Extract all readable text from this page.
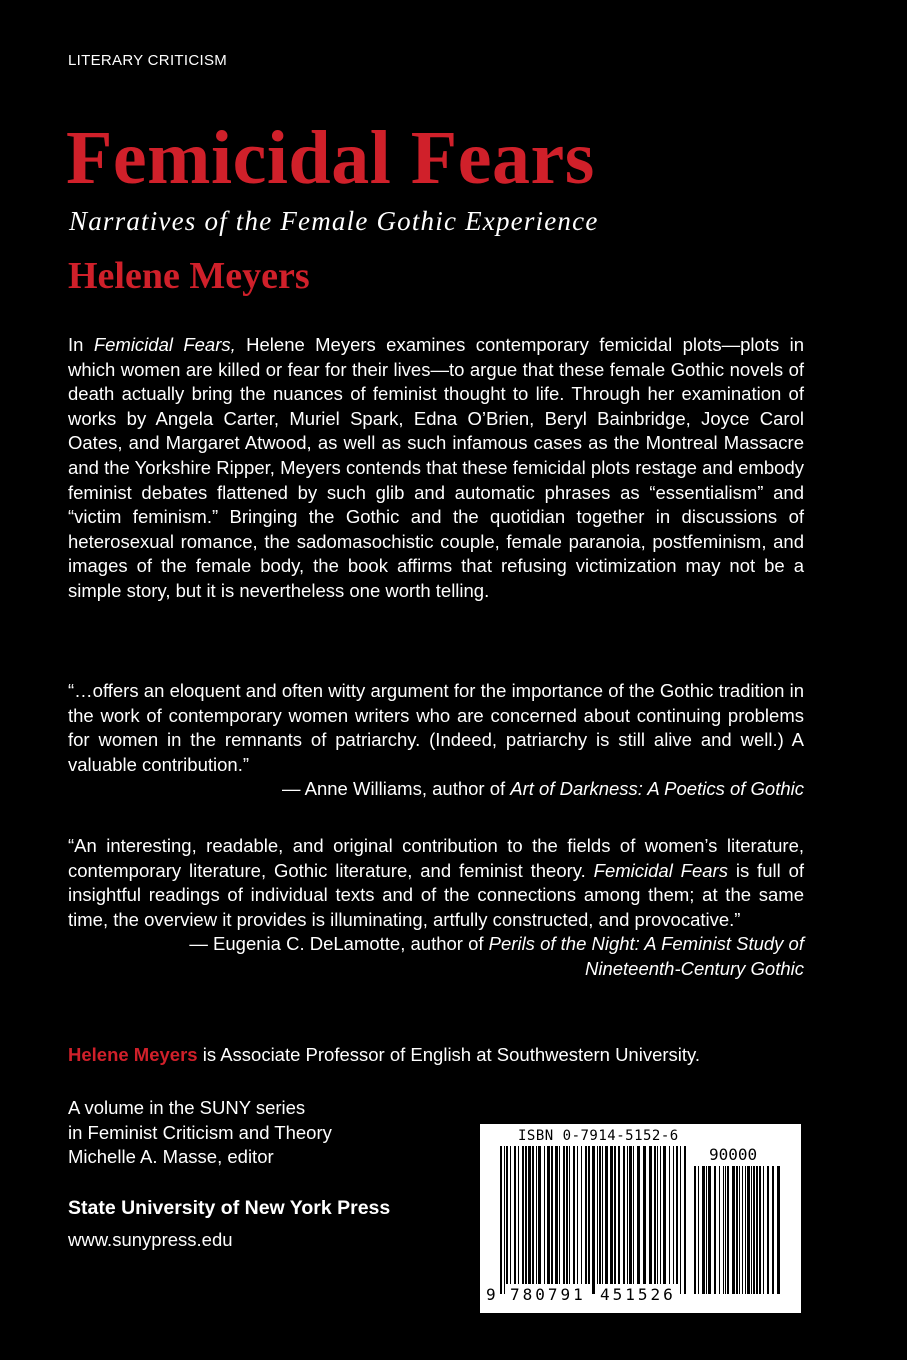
LITERARY CRITICISM
Femicidal Fears
Narratives of the Female Gothic Experience
Helene Meyers
In Femicidal Fears, Helene Meyers examines contemporary femicidal plots—plots in which women are killed or fear for their lives—to argue that these female Gothic novels of death actually bring the nuances of feminist thought to life. Through her examination of works by Angela Carter, Muriel Spark, Edna O’Brien, Beryl Bainbridge, Joyce Carol Oates, and Margaret Atwood, as well as such infamous cases as the Montreal Massacre and the Yorkshire Ripper, Meyers contends that these femicidal plots restage and embody feminist debates flattened by such glib and automatic phrases as “essentialism” and “victim feminism.” Bringing the Gothic and the quotidian together in discussions of heterosexual romance, the sadomasochistic couple, female paranoia, postfeminism, and images of the female body, the book affirms that refusing victimization may not be a simple story, but it is nevertheless one worth telling.
“…offers an eloquent and often witty argument for the importance of the Gothic tradition in the work of contemporary women writers who are concerned about continuing problems for women in the remnants of patriarchy. (Indeed, patriarchy is still alive and well.) A valuable contribution.”
— Anne Williams, author of Art of Darkness: A Poetics of Gothic
“An interesting, readable, and original contribution to the fields of women’s literature, contemporary literature, Gothic literature, and feminist theory. Femicidal Fears is full of insightful readings of individual texts and of the connections among them; at the same time, the overview it provides is illuminating, artfully constructed, and provocative.”
— Eugenia C. DeLamotte, author of Perils of the Night: A Feminist Study of
Nineteenth-Century Gothic
Helene Meyers is Associate Professor of English at Southwestern University.
A volume in the SUNY series
in Feminist Criticism and Theory
Michelle A. Masse, editor
State University of New York Press
www.sunypress.edu
ISBN 0-7914-5152-6
90000
9 780791 451526
